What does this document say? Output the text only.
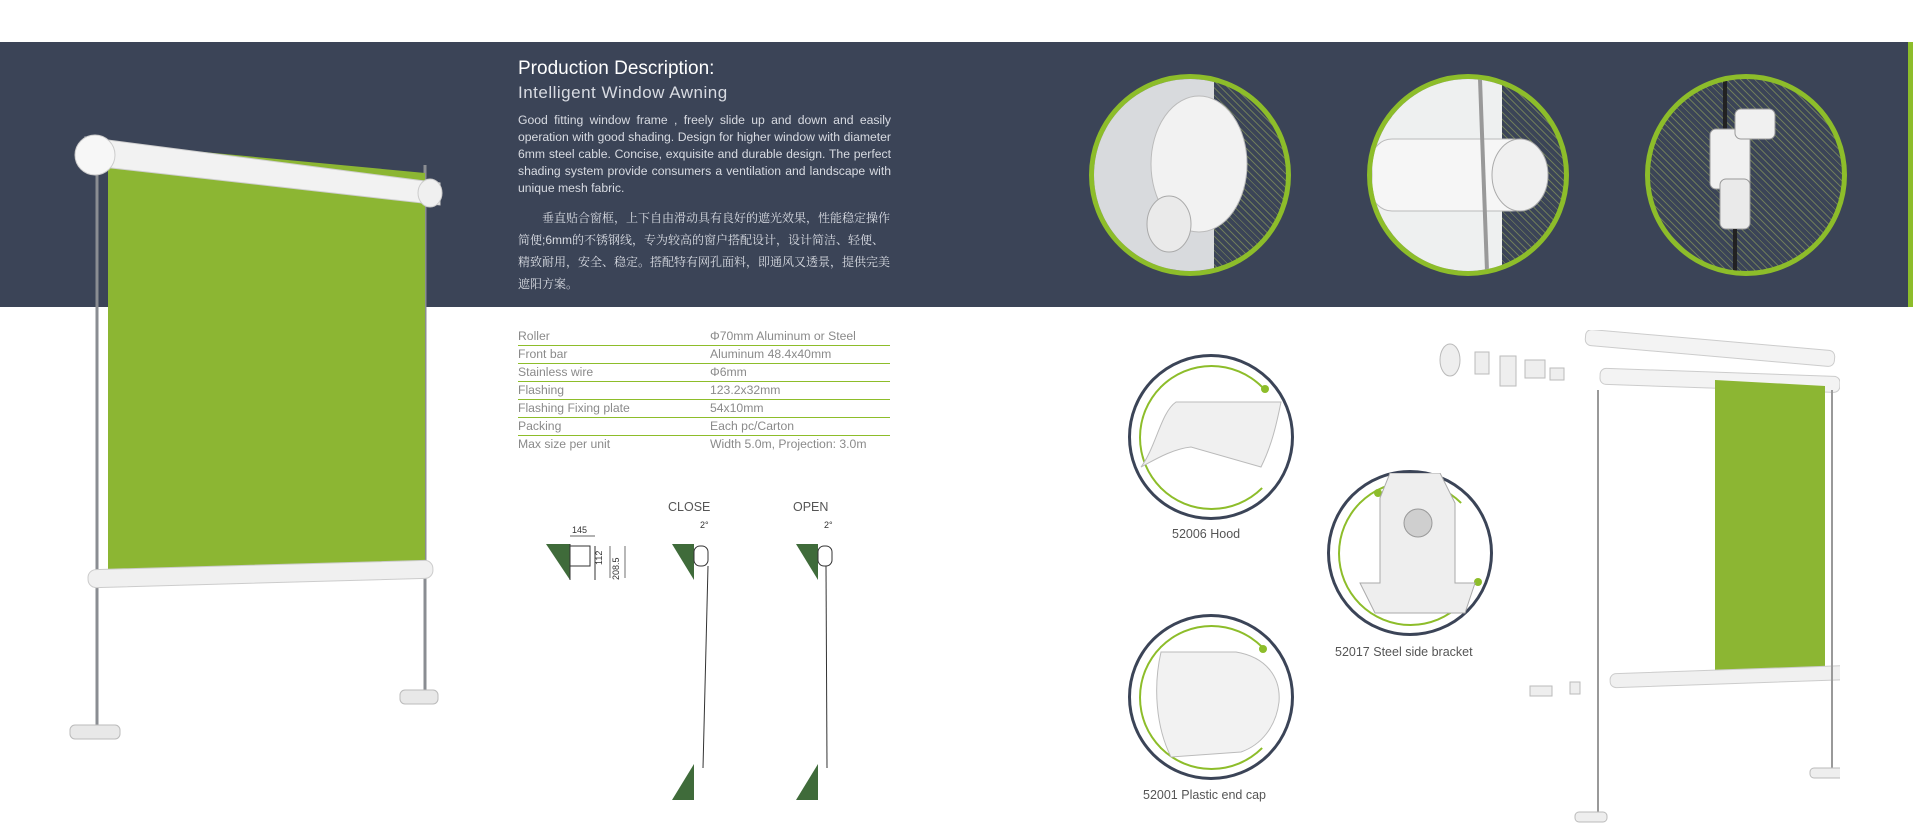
Production Description:
Intelligent Window Awning
Good fitting window frame , freely slide up and down and easily operation with good shading. Design for higher window with diameter 6mm steel cable. Concise, exquisite and durable design. The perfect shading system provide consumers a ventilation and landscape with unique mesh fabric.
垂直贴合窗框，上下自由滑动具有良好的遮光效果，性能稳定操作简便;6mm的不锈钢线，专为较高的窗户搭配设计，设计简洁、轻便、精致耐用，安全、稳定。搭配特有网孔面料，即通风又透景，提供完美遮阳方案。
Roller	Φ70mm Aluminum or Steel
Front bar	Aluminum 48.4x40mm
Stainless wire	Φ6mm
Flashing	123.2x32mm
Flashing Fixing plate	54x10mm
Packing	Each pc/Carton
Max size per unit	Width 5.0m, Projection: 3.0m
CLOSE	OPEN
145
112 208.5
2°	2°
52006 Hood
52017 Steel side bracket
52001 Plastic end cap
